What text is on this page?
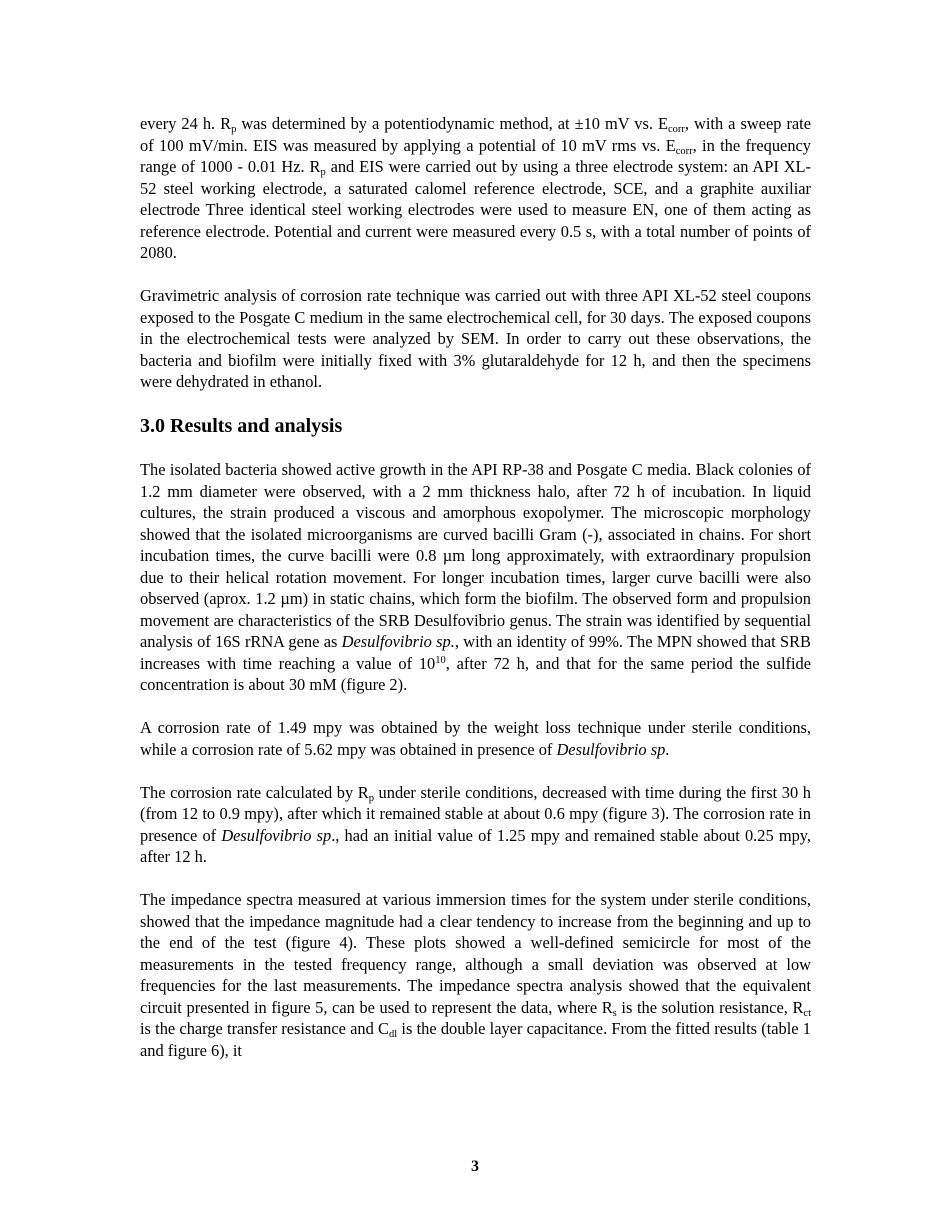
every 24 h. $R_p$ was determined by a potentiodynamic method, at ±10 mV vs. $E_{corr}$, with a sweep rate of 100 mV/min. EIS was measured by applying a potential of 10 mV rms vs. $E_{corr}$, in the frequency range of 1000 - 0.01 Hz. $R_p$ and EIS were carried out by using a three electrode system: an API XL-52 steel working electrode, a saturated calomel reference electrode, SCE, and a graphite auxiliar electrode Three identical steel working electrodes were used to measure EN, one of them acting as reference electrode. Potential and current were measured every 0.5 s, with a total number of points of 2080.

Gravimetric analysis of corrosion rate technique was carried out with three API XL-52 steel coupons exposed to the Posgate C medium in the same electrochemical cell, for 30 days. The exposed coupons in the electrochemical tests were analyzed by SEM. In order to carry out these observations, the bacteria and biofilm were initially fixed with 3% glutaraldehyde for 12 h, and then the specimens were dehydrated in ethanol.

3.0 Results and analysis

The isolated bacteria showed active growth in the API RP-38 and Posgate C media. Black colonies of 1.2 mm diameter were observed, with a 2 mm thickness halo, after 72 h of incubation. In liquid cultures, the strain produced a viscous and amorphous exopolymer. The microscopic morphology showed that the isolated microorganisms are curved bacilli Gram (-), associated in chains. For short incubation times, the curve bacilli were 0.8 µm long approximately, with extraordinary propulsion due to their helical rotation movement. For longer incubation times, larger curve bacilli were also observed (aprox. 1.2 µm) in static chains, which form the biofilm. The observed form and propulsion movement are characteristics of the SRB Desulfovibrio genus. The strain was identified by sequential analysis of 16S rRNA gene as Desulfovibrio sp., with an identity of 99%. The MPN showed that SRB increases with time reaching a value of $10^{10}$, after 72 h, and that for the same period the sulfide concentration is about 30 mM (figure 2).

A corrosion rate of 1.49 mpy was obtained by the weight loss technique under sterile conditions, while a corrosion rate of 5.62 mpy was obtained in presence of Desulfovibrio sp.

The corrosion rate calculated by $R_p$ under sterile conditions, decreased with time during the first 30 h (from 12 to 0.9 mpy), after which it remained stable at about 0.6 mpy (figure 3). The corrosion rate in presence of Desulfovibrio sp., had an initial value of 1.25 mpy and remained stable about 0.25 mpy, after 12 h.

The impedance spectra measured at various immersion times for the system under sterile conditions, showed that the impedance magnitude had a clear tendency to increase from the beginning and up to the end of the test (figure 4). These plots showed a well-defined semicircle for most of the measurements in the tested frequency range, although a small deviation was observed at low frequencies for the last measurements. The impedance spectra analysis showed that the equivalent circuit presented in figure 5, can be used to represent the data, where $R_s$ is the solution resistance, $R_{ct}$ is the charge transfer resistance and $C_{dl}$ is the double layer capacitance. From the fitted results (table 1 and figure 6), it

3
